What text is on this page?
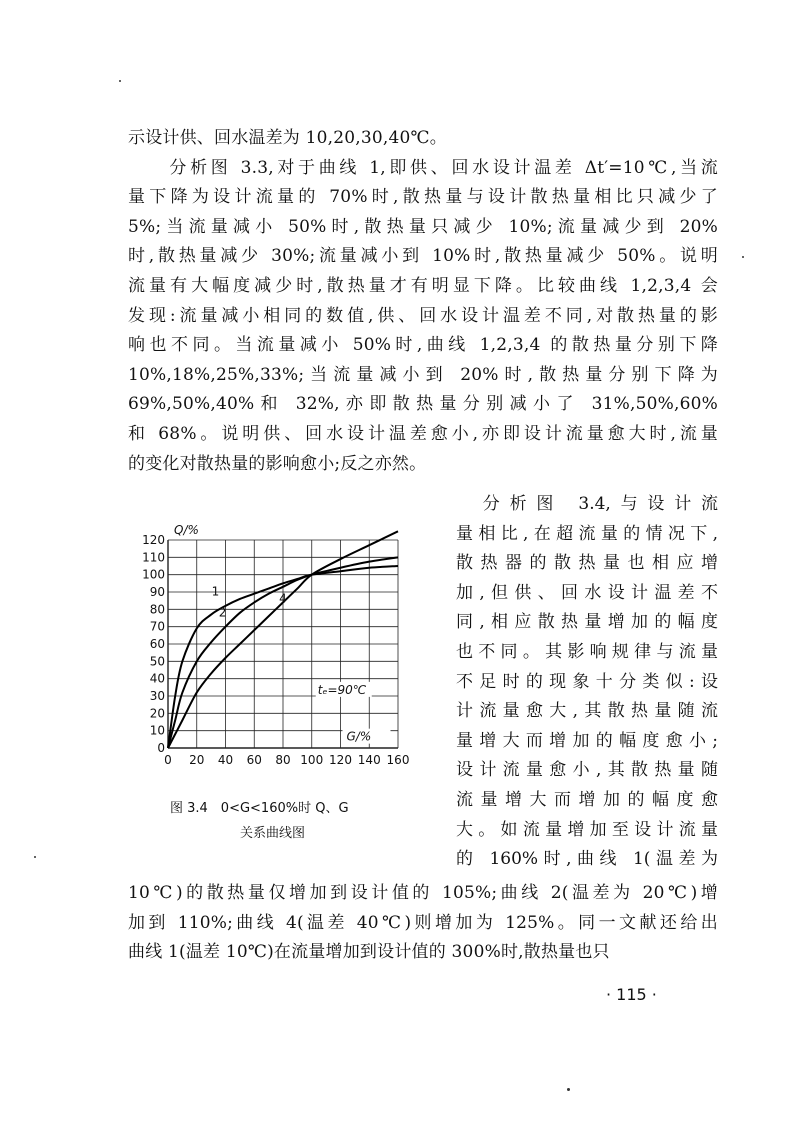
示设计供、回水温差为 10,20,30,40℃。
　　分析图 3.3,对于曲线 1,即供、回水设计温差 Δt′=10℃,当流
量下降为设计流量的 70%时,散热量与设计散热量相比只减少了
5%;当流量减小 50%时,散热量只减少 10%;流量减少到 20%
时,散热量减少 30%;流量减小到 10%时,散热量减少 50%。说明
流量有大幅度减少时,散热量才有明显下降。比较曲线 1,2,3,4 会
发现:流量减小相同的数值,供、回水设计温差不同,对散热量的影
响也不同。当流量减小 50%时,曲线 1,2,3,4 的散热量分别下降
10%,18%,25%,33%;当流量减小到 20%时,散热量分别下降为
69%,50%,40%和 32%,亦即散热量分别减小了 31%,50%,60%
和 68%。说明供、回水设计温差愈小,亦即设计流量愈大时,流量
的变化对散热量的影响愈小;反之亦然。
　分析图 3.4,与设计流
量相比,在超流量的情况下,
散热器的散热量也相应增
加,但供、回水设计温差不
同,相应散热量增加的幅度
也不同。其影响规律与流量
不足时的现象十分类似:设
计流量愈大,其散热量随流
量增大而增加的幅度愈小;
设计流量愈小,其散热量随
流量增大而增加的幅度愈
大。如流量增加至设计流量
的 160%时,曲线 1(温差为
10℃)的散热量仅增加到设计值的 105%;曲线 2(温差为 20℃)增
加到 110%;曲线 4(温差 40℃)则增加为 125%。同一文献还给出
曲线 1(温差 10℃)在流量增加到设计值的 300%时,散热量也只
0 20 40 60 80 100 120 140 160
0
10
20
30
40
50
60
70
80
90
100
110
120
Q/%
G/%
tₑ=90℃
1
2
4
图 3.4　0<G<160%时 Q、G
关系曲线图
· 115 ·
